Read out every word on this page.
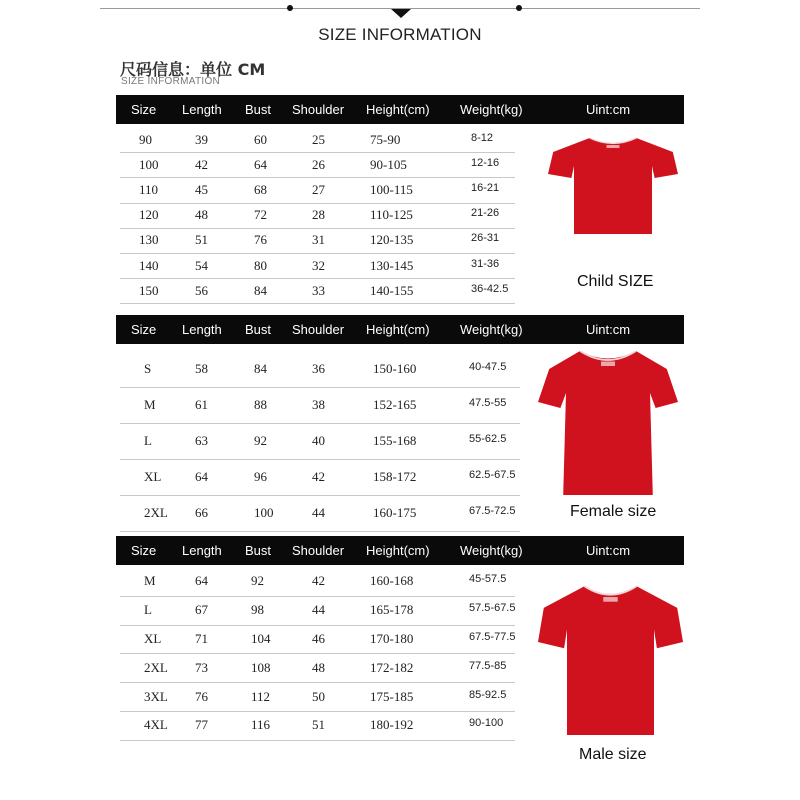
SIZE INFORMATION
尺码信息：单位 CM
SIZE INFORMATION
Size Length Bust Shoulder Height(cm) Weight(kg)	Uint:cm
90	39	60	25	75-90	8-12
100	42	64	26	90-105	12-16
110	45	68	27	100-115	16-21
120	48	72	28	110-125	21-26
130	51	76	31	120-135	26-31
140	54	80	32	130-145	31-36
150	56	84	33	140-155	36-42.5	Child SIZE
Size Length Bust Shoulder Height(cm) Weight(kg)	Uint:cm
S	58	84	36	150-160	40-47.5
M	61	88	38	152-165	47.5-55
L	63	92	40	155-168	55-62.5
XL	64	96	42	158-172	62.5-67.5
2XL 66	100	44	160-175	67.5-72.5	Female size
Size Length Bust Shoulder Height(cm) Weight(kg)	Uint:cm
M	64	92	42	160-168	45-57.5
L	67	98	44	165-178	57.5-67.5
XL	71	104	46	170-180	67.5-77.5
2XL 73	108	48	172-182	77.5-85
3XL 76	112	50	175-185	85-92.5
4XL 77	116	51	180-192	90-100
Male size
